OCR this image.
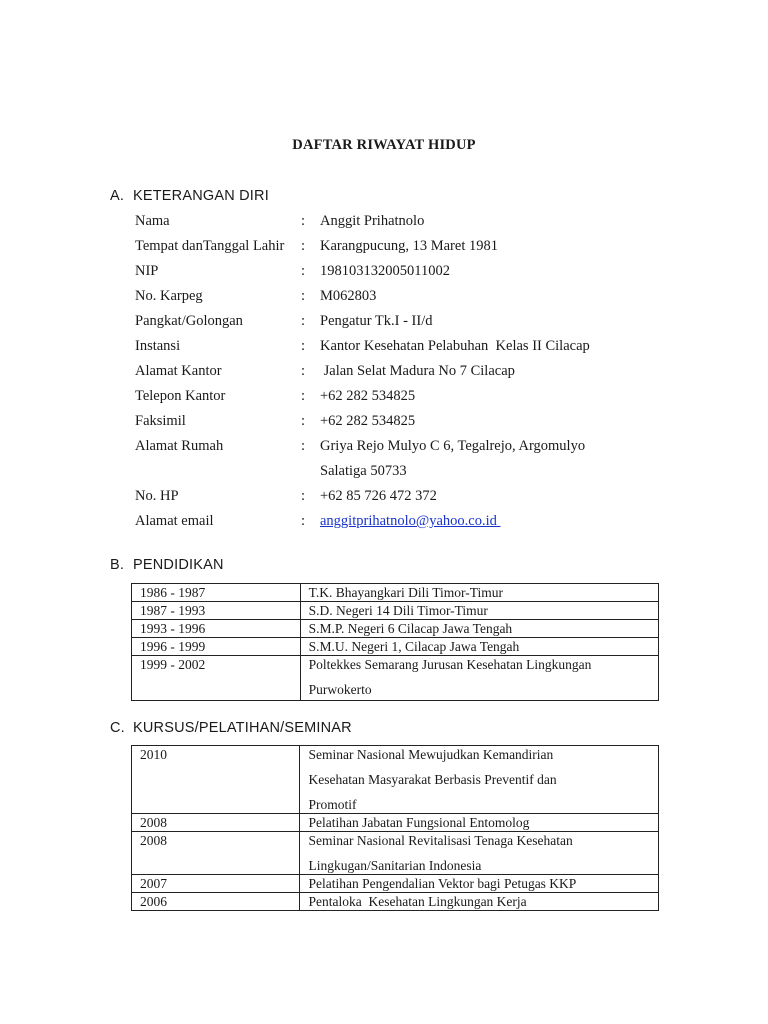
DAFTAR RIWAYAT HIDUP
A. KETERANGAN DIRI
Nama	: Anggit Prihatnolo
Tempat danTanggal Lahir : Karangpucung, 13 Maret 1981
NIP	: 198103132005011002
No. Karpeg	: M062803
Pangkat/Golongan	: Pengatur Tk.I - II/d
Instansi	: Kantor Kesehatan Pelabuhan  Kelas II Cilacap
Alamat Kantor	: Jalan Selat Madura No 7 Cilacap
Telepon Kantor	: +62 282 534825
Faksimil	: +62 282 534825
Alamat Rumah	: Griya Rejo Mulyo C 6, Tegalrejo, Argomulyo
Salatiga 50733
No. HP	: +62 85 726 472 372
Alamat email	: anggitprihatnolo@yahoo.co.id
B. PENDIDIKAN
1986 - 1987	T.K. Bhayangkari Dili Timor-Timur
1987 - 1993	S.D. Negeri 14 Dili Timor-Timur
1993 - 1996	S.M.P. Negeri 6 Cilacap Jawa Tengah
1996 - 1999	S.M.U. Negeri 1, Cilacap Jawa Tengah
1999 - 2002	Poltekkes Semarang Jurusan Kesehatan Lingkungan
Purwokerto
C. KURSUS/PELATIHAN/SEMINAR
2010	Seminar Nasional Mewujudkan Kemandirian
Kesehatan Masyarakat Berbasis Preventif dan
Promotif

2008	Pelatihan Jabatan Fungsional Entomolog

2008	Seminar Nasional Revitalisasi Tenaga Kesehatan
Lingkugan/Sanitarian Indonesia

2007	Pelatihan Pengendalian Vektor bagi Petugas KKP

2006	Pentaloka  Kesehatan Lingkungan Kerja
